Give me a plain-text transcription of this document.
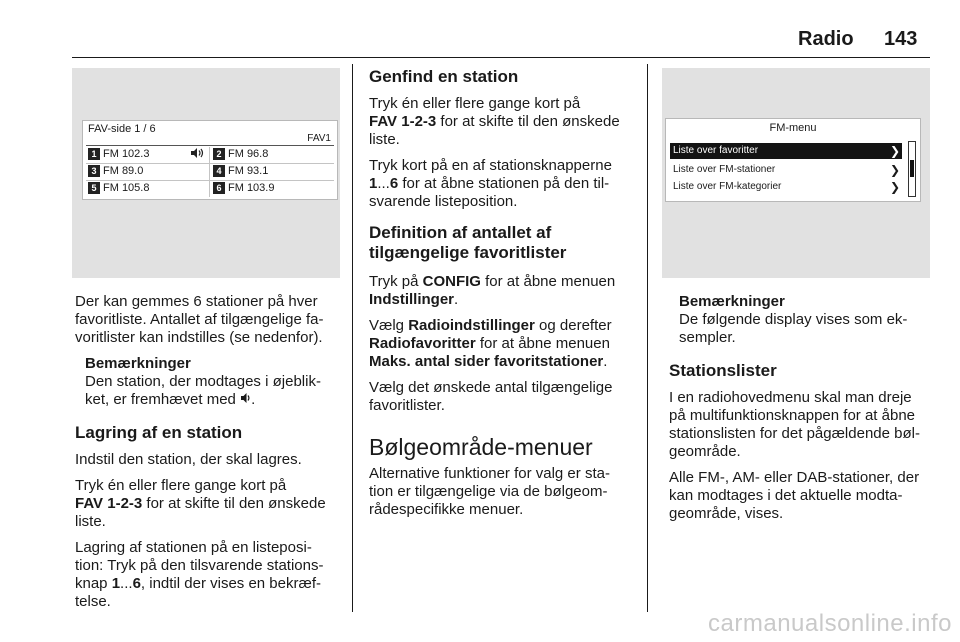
Radio 143
FAV-side 1 / 6
FAV1
1 FM 102.3	2 FM 96.8
3 FM 89.0	4 FM 93.1
5 FM 105.8	6 FM 103.9

Der kan gemmes 6 stationer på hver

favoritliste. Antallet af tilgængelige fa-

voritlister kan indstilles (se nedenfor).

Bemærkninger

Den station, der modtages i øjeblik-

ket, er fremhævet med .

Lagring af en station

Indstil den station, der skal lagres.

Tryk én eller flere gange kort på

FAV 1-2-3 for at skifte til den ønskede

liste.

Lagring af stationen på en listeposi-

tion: Tryk på den tilsvarende stations-

knap 1...6, indtil der vises en bekræf-

telse.

Genfind en station

Tryk én eller flere gange kort på

FAV 1-2-3 for at skifte til den ønskede

liste.

Tryk kort på en af stationsknapperne

1...6 for at åbne stationen på den til-

svarende listeposition.

Definition af antallet af
tilgængelige favoritlister

Tryk på CONFIG for at åbne menuen

Indstillinger.

Vælg Radioindstillinger og derefter

Radiofavoritter for at åbne menuen

Maks. antal sider favoritstationer.

Vælg det ønskede antal tilgængelige

favoritlister.

Bølgeområde-menuer

Alternative funktioner for valg er sta-

tion er tilgængelige via de bølgeom-

rådespecifikke menuer.

FM-menu
Liste over favoritter	❯
Liste over FM-stationer	❯
Liste over FM-kategorier	❯

Bemærkninger

De følgende display vises som ek-

sempler.

Stationslister

I en radiohovedmenu skal man dreje

på multifunktionsknappen for at åbne

stationslisten for det pågældende bøl-

geområde.

Alle FM-, AM- eller DAB-stationer, der

kan modtages i det aktuelle modta-

geområde, vises.

carmanualsonline.info
